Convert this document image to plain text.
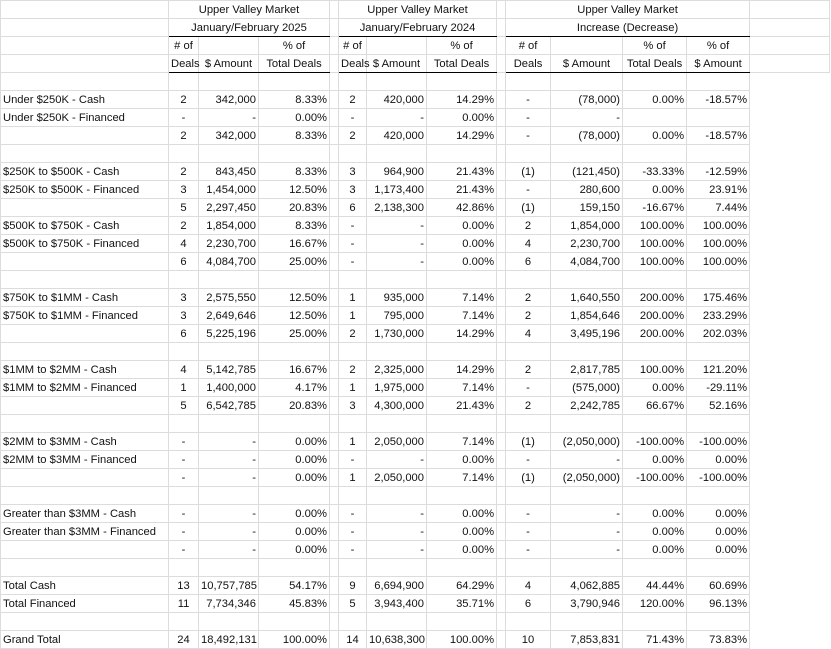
	Upper Valley Market				Upper Valley Market				Upper Valley Market				
	January/February 2025				January/February 2024				Increase (Decrease)				
	# of		% of		# of		% of		# of		% of	% of	
	Deals	$ Amount	Total Deals		Deals	$ Amount	Total Deals		Deals	$ Amount	Total Deals	$ Amount	

Under $250K - Cash	2	342,000	8.33%		2	420,000	14.29%		-	(78,000)	0.00%	-18.57%	
Under $250K - Financed	-	-	0.00%		-	-	0.00%		-	-			
	2	342,000	8.33%		2	420,000	14.29%		-	(78,000)	0.00%	-18.57%	

$250K to $500K - Cash	2	843,450	8.33%		3	964,900	21.43%		(1)	(121,450)	-33.33%	-12.59%	
$250K to $500K - Financed	3	1,454,000	12.50%		3	1,173,400	21.43%		-	280,600	0.00%	23.91%	
	5	2,297,450	20.83%		6	2,138,300	42.86%		(1)	159,150	-16.67%	7.44%	
$500K to $750K - Cash	2	1,854,000	8.33%		-	-	0.00%		2	1,854,000	100.00%	100.00%	
$500K to $750K - Financed	4	2,230,700	16.67%		-	-	0.00%		4	2,230,700	100.00%	100.00%	
	6	4,084,700	25.00%		-	-	0.00%		6	4,084,700	100.00%	100.00%	

$750K to $1MM - Cash	3	2,575,550	12.50%		1	935,000	7.14%		2	1,640,550	200.00%	175.46%	
$750K to $1MM - Financed	3	2,649,646	12.50%		1	795,000	7.14%		2	1,854,646	200.00%	233.29%	
	6	5,225,196	25.00%		2	1,730,000	14.29%		4	3,495,196	200.00%	202.03%	

$1MM to $2MM - Cash	4	5,142,785	16.67%		2	2,325,000	14.29%		2	2,817,785	100.00%	121.20%	
$1MM to $2MM - Financed	1	1,400,000	4.17%		1	1,975,000	7.14%		-	(575,000)	0.00%	-29.11%	
	5	6,542,785	20.83%		3	4,300,000	21.43%		2	2,242,785	66.67%	52.16%	

$2MM to $3MM - Cash	-	-	0.00%		1	2,050,000	7.14%		(1)	(2,050,000)	-100.00%	-100.00%	
$2MM to $3MM - Financed	-	-	0.00%		-	-	0.00%		-	-	0.00%	0.00%	
	-	-	0.00%		1	2,050,000	7.14%		(1)	(2,050,000)	-100.00%	-100.00%	

Greater than $3MM - Cash	-	-	0.00%		-	-	0.00%		-	-	0.00%	0.00%	
Greater than $3MM - Financed	-	-	0.00%		-	-	0.00%		-	-	0.00%	0.00%	
	-	-	0.00%		-	-	0.00%		-	-	0.00%	0.00%	

Total Cash	13	10,757,785	54.17%		9	6,694,900	64.29%		4	4,062,885	44.44%	60.69%	
Total Financed	11	7,734,346	45.83%		5	3,943,400	35.71%		6	3,790,946	120.00%	96.13%	

Grand Total	24	18,492,131	100.00%		14	10,638,300	100.00%		10	7,853,831	71.43%	73.83%	
